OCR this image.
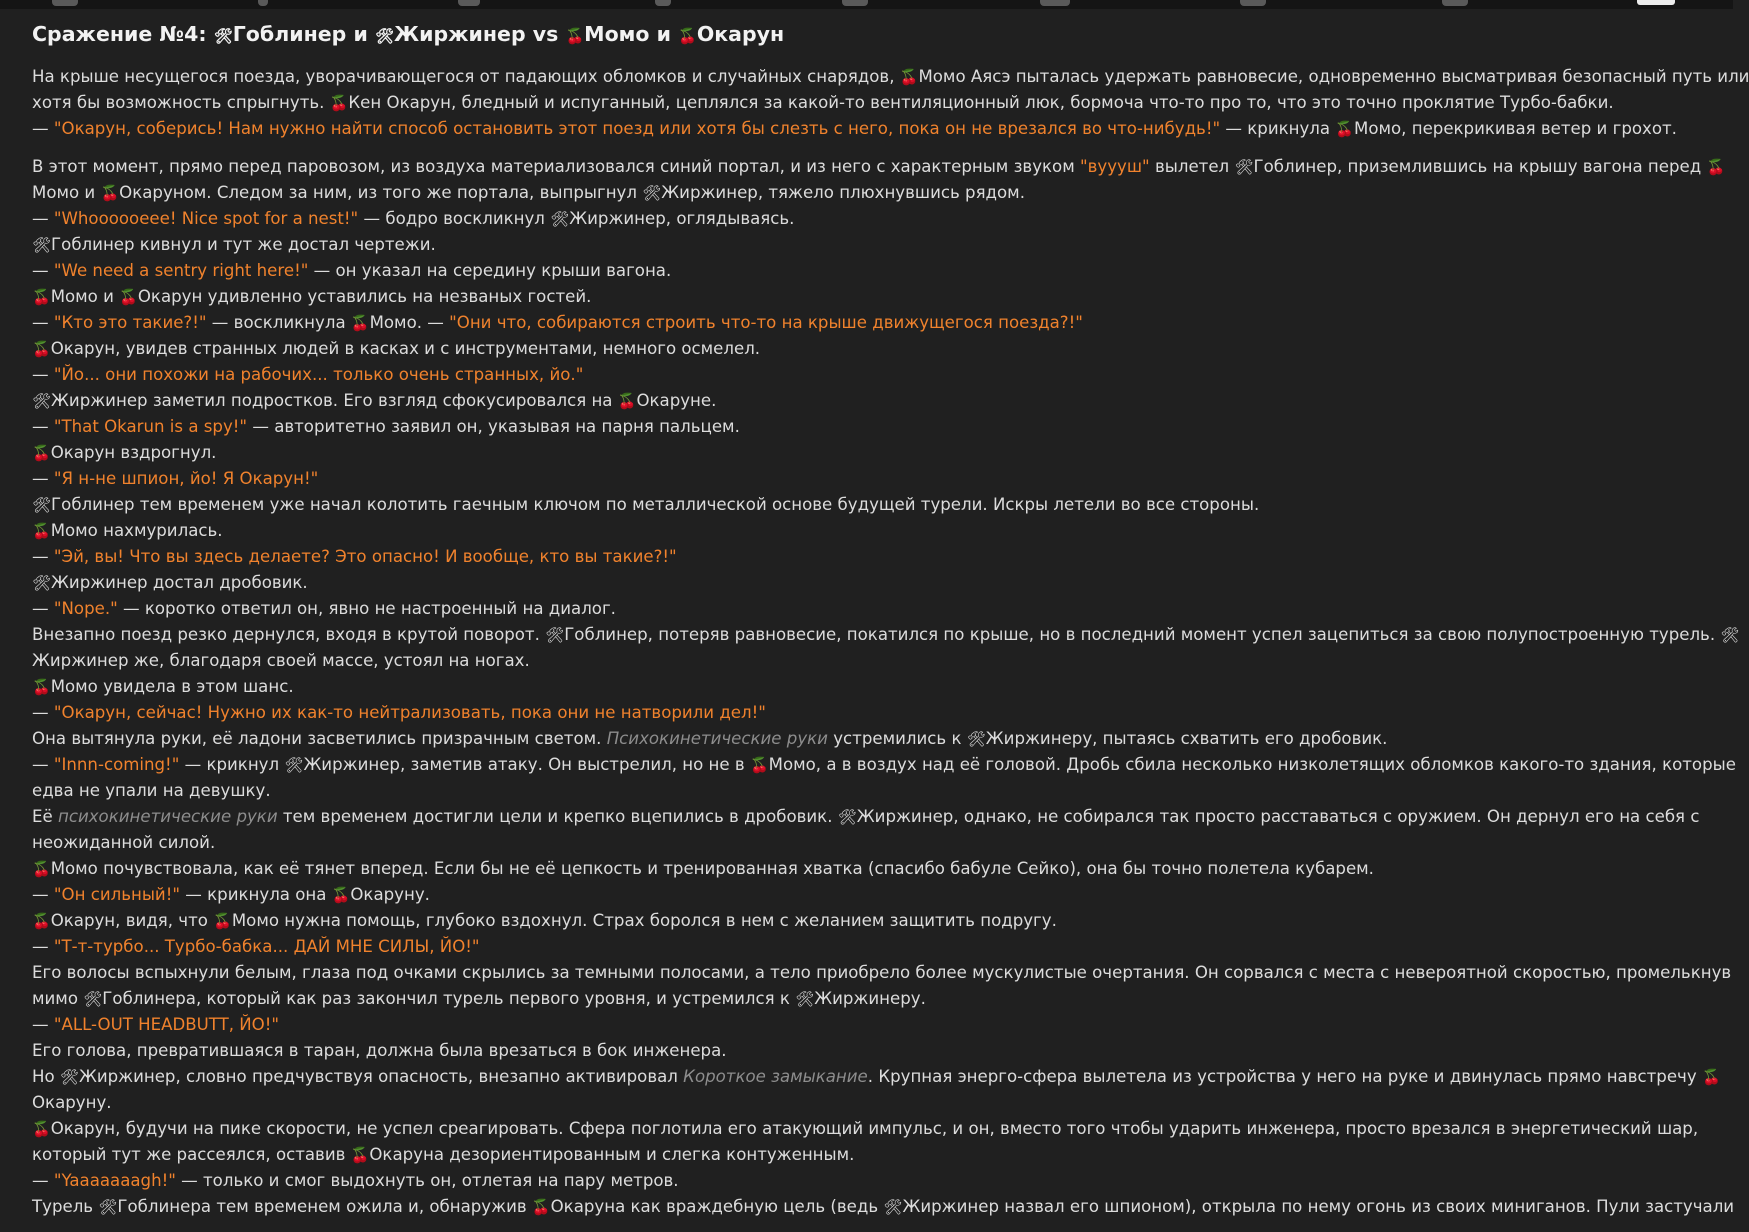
Сражение №4: 🛠Гоблинер и 🛠Жиржинер vs 🍒Момо и 🍒Окарун
На крыше несущегося поезда, уворачивающегося от падающих обломков и случайных снарядов, 🍒Момо Аясэ пыталась удержать равновесие, одновременно высматривая безопасный путь или
хотя бы возможность спрыгнуть. 🍒Кен Окарун, бледный и испуганный, цеплялся за какой-то вентиляционный люк, бормоча что-то про то, что это точно проклятие Турбо-бабки.
— "Окарун, соберись! Нам нужно найти способ остановить этот поезд или хотя бы слезть с него, пока он не врезался во что-нибудь!" — крикнула 🍒Момо, перекрикивая ветер и грохот.
В этот момент, прямо перед паровозом, из воздуха материализовался синий портал, и из него с характерным звуком "вуууш" вылетел 🛠Гоблинер, приземлившись на крышу вагона перед 🍒
Момо и 🍒Окаруном. Следом за ним, из того же портала, выпрыгнул 🛠Жиржинер, тяжело плюхнувшись рядом.
— "Whoooooeee! Nice spot for a nest!" — бодро воскликнул 🛠Жиржинер, оглядываясь.
🛠Гоблинер кивнул и тут же достал чертежи.
— "We need a sentry right here!" — он указал на середину крыши вагона.
🍒Момо и 🍒Окарун удивленно уставились на незваных гостей.
— "Кто это такие?!" — воскликнула 🍒Момо. — "Они что, собираются строить что-то на крыше движущегося поезда?!"
🍒Окарун, увидев странных людей в касках и с инструментами, немного осмелел.
— "Йо... они похожи на рабочих... только очень странных, йо."
🛠Жиржинер заметил подростков. Его взгляд сфокусировался на 🍒Окаруне.
— "That Okarun is a spy!" — авторитетно заявил он, указывая на парня пальцем.
🍒Окарун вздрогнул.
— "Я н-не шпион, йо! Я Окарун!"
🛠Гоблинер тем временем уже начал колотить гаечным ключом по металлической основе будущей турели. Искры летели во все стороны.
🍒Момо нахмурилась.
— "Эй, вы! Что вы здесь делаете? Это опасно! И вообще, кто вы такие?!"
🛠Жиржинер достал дробовик.
— "Nope." — коротко ответил он, явно не настроенный на диалог.
Внезапно поезд резко дернулся, входя в крутой поворот. 🛠Гоблинер, потеряв равновесие, покатился по крыше, но в последний момент успел зацепиться за свою полупостроенную турель. 🛠
Жиржинер же, благодаря своей массе, устоял на ногах.
🍒Момо увидела в этом шанс.
— "Окарун, сейчас! Нужно их как-то нейтрализовать, пока они не натворили дел!"
Она вытянула руки, её ладони засветились призрачным светом. Психокинетические руки устремились к 🛠Жиржинеру, пытаясь схватить его дробовик.
— "Innn-coming!" — крикнул 🛠Жиржинер, заметив атаку. Он выстрелил, но не в 🍒Момо, а в воздух над её головой. Дробь сбила несколько низколетящих обломков какого-то здания, которые
едва не упали на девушку.
Её психокинетические руки тем временем достигли цели и крепко вцепились в дробовик. 🛠Жиржинер, однако, не собирался так просто расставаться с оружием. Он дернул его на себя с
неожиданной силой.
🍒Момо почувствовала, как её тянет вперед. Если бы не её цепкость и тренированная хватка (спасибо бабуле Сейко), она бы точно полетела кубарем.
— "Он сильный!" — крикнула она 🍒Окаруну.
🍒Окарун, видя, что 🍒Момо нужна помощь, глубоко вздохнул. Страх боролся в нем с желанием защитить подругу.
— "Т-т-турбо... Турбо-бабка... ДАЙ МНЕ СИЛЫ, ЙО!"
Его волосы вспыхнули белым, глаза под очками скрылись за темными полосами, а тело приобрело более мускулистые очертания. Он сорвался с места с невероятной скоростью, промелькнув
мимо 🛠Гоблинера, который как раз закончил турель первого уровня, и устремился к 🛠Жиржинеру.
— "ALL-OUT HEADBUTT, ЙО!"
Его голова, превратившаяся в таран, должна была врезаться в бок инженера.
Но 🛠Жиржинер, словно предчувствуя опасность, внезапно активировал Короткое замыкание. Крупная энерго-сфера вылетела из устройства у него на руке и двинулась прямо навстречу 🍒
Окаруну.
🍒Окарун, будучи на пике скорости, не успел среагировать. Сфера поглотила его атакующий импульс, и он, вместо того чтобы ударить инженера, просто врезался в энергетический шар,
который тут же рассеялся, оставив 🍒Окаруна дезориентированным и слегка контуженным.
— "Yaaaaaaagh!" — только и смог выдохнуть он, отлетая на пару метров.
Турель 🛠Гоблинера тем временем ожила и, обнаружив 🍒Окаруна как враждебную цель (ведь 🛠Жиржинер назвал его шпионом), открыла по нему огонь из своих миниганов. Пули застучали
